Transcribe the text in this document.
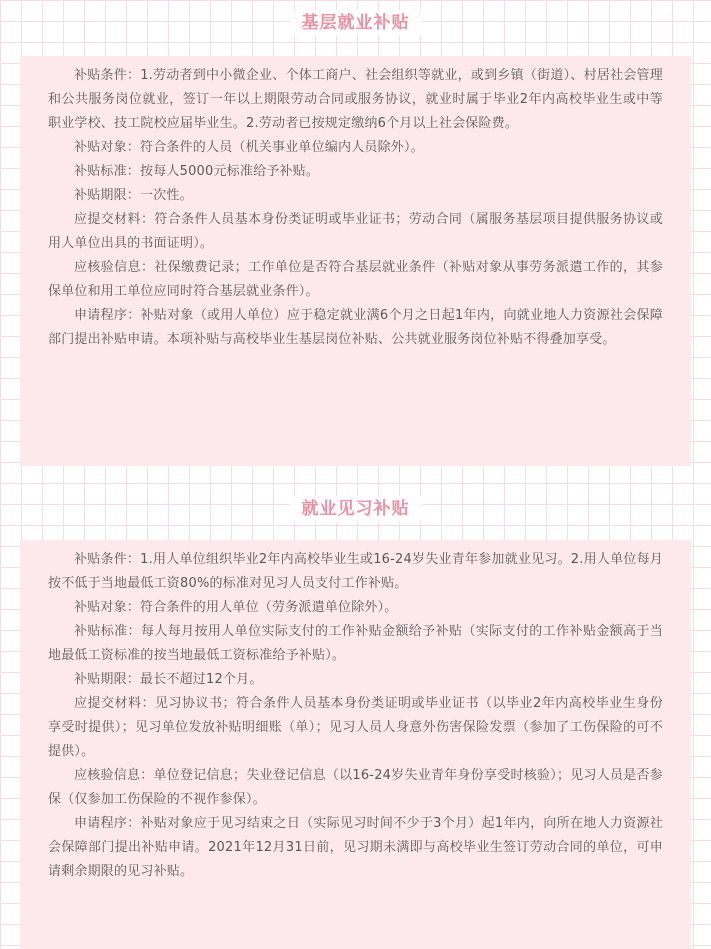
基层就业补贴

补贴条件：1.劳动者到中小微企业、个体工商户、社会组织等就业，或到乡镇（街道）、村居社会管理和公共服务岗位就业，签订一年以上期限劳动合同或服务协议，就业时属于毕业2年内高校毕业生或中等职业学校、技工院校应届毕业生。2.劳动者已按规定缴纳6个月以上社会保险费。

补贴对象：符合条件的人员（机关事业单位编内人员除外）。

补贴标准：按每人5000元标准给予补贴。

补贴期限：一次性。

应提交材料：符合条件人员基本身份类证明或毕业证书；劳动合同（属服务基层项目提供服务协议或用人单位出具的书面证明）。

应核验信息：社保缴费记录；工作单位是否符合基层就业条件（补贴对象从事劳务派遣工作的，其参保单位和用工单位应同时符合基层就业条件）。

申请程序：补贴对象（或用人单位）应于稳定就业满6个月之日起1年内，向就业地人力资源社会保障部门提出补贴申请。本项补贴与高校毕业生基层岗位补贴、公共就业服务岗位补贴不得叠加享受。

就业见习补贴

补贴条件：1.用人单位组织毕业2年内高校毕业生或16-24岁失业青年参加就业见习。2.用人单位每月按不低于当地最低工资80%的标准对见习人员支付工作补贴。

补贴对象：符合条件的用人单位（劳务派遣单位除外）。

补贴标准：每人每月按用人单位实际支付的工作补贴金额给予补贴（实际支付的工作补贴金额高于当地最低工资标准的按当地最低工资标准给予补贴）。

补贴期限：最长不超过12个月。

应提交材料：见习协议书；符合条件人员基本身份类证明或毕业证书（以毕业2年内高校毕业生身份享受时提供）；见习单位发放补贴明细账（单）；见习人员人身意外伤害保险发票（参加了工伤保险的可不提供）。

应核验信息：单位登记信息；失业登记信息（以16-24岁失业青年身份享受时核验）；见习人员是否参保（仅参加工伤保险的不视作参保）。

申请程序：补贴对象应于见习结束之日（实际见习时间不少于3个月）起1年内，向所在地人力资源社会保障部门提出补贴申请。2021年12月31日前，见习期未满即与高校毕业生签订劳动合同的单位，可申请剩余期限的见习补贴。
